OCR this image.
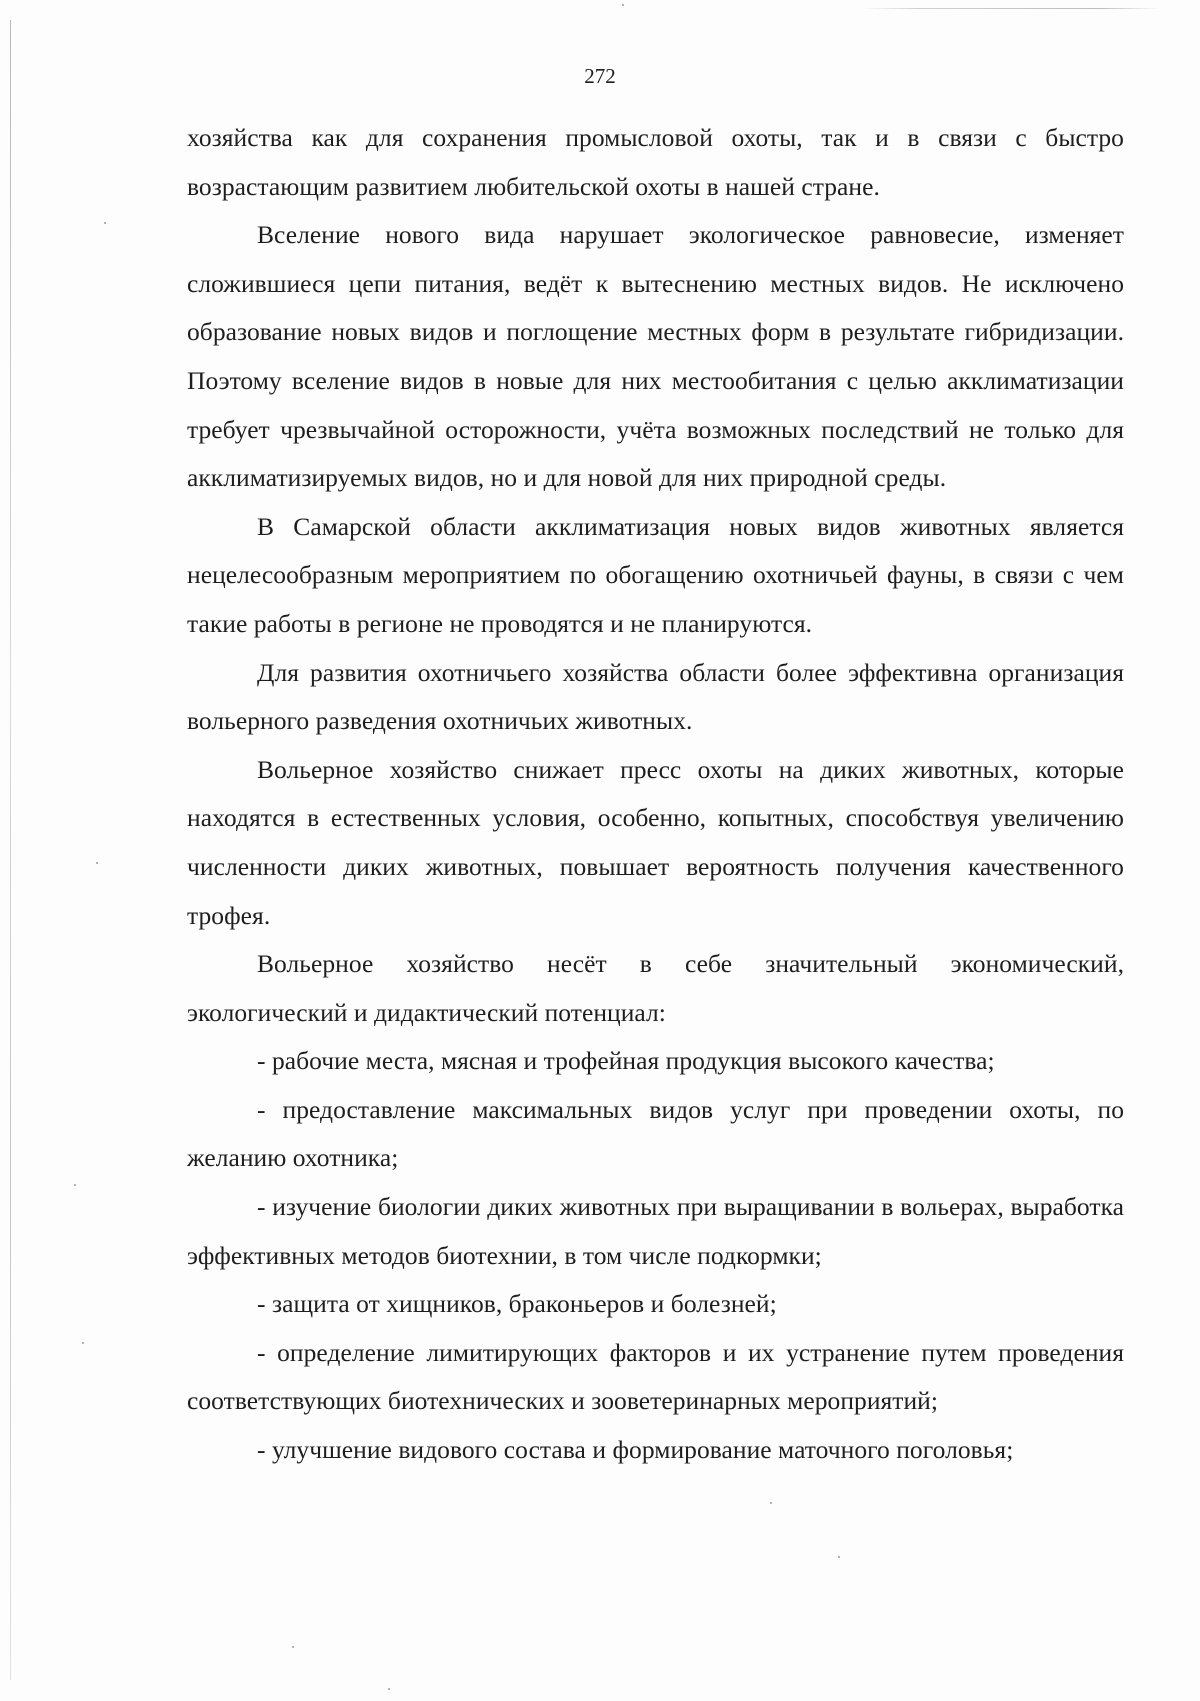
272

хозяйства как для сохранения промысловой охоты, так и в связи с быстро возрастающим развитием любительской охоты в нашей стране.

Вселение нового вида нарушает экологическое равновесие, изменяет сложившиеся цепи питания, ведёт к вытеснению местных видов. Не исключено образование новых видов и поглощение местных форм в результате гибридизации. Поэтому вселение видов в новые для них местообитания с целью акклиматизации требует чрезвычайной осторожности, учёта возможных последствий не только для акклиматизируемых видов, но и для новой для них природной среды.

В Самарской области акклиматизация новых видов животных является нецелесообразным мероприятием по обогащению охотничьей фауны, в связи с чем такие работы в регионе не проводятся и не планируются.

Для развития охотничьего хозяйства области более эффективна организация вольерного разведения охотничьих животных.

Вольерное хозяйство снижает пресс охоты на диких животных, которые находятся в естественных условия, особенно, копытных, способствуя увеличению численности диких животных, повышает вероятность получения качественного трофея.

Вольерное хозяйство несёт в себе значительный экономический, экологический и дидактический потенциал:

- рабочие места, мясная и трофейная продукция высокого качества;

- предоставление максимальных видов услуг при проведении охоты, по желанию охотника;

- изучение биологии диких животных при выращивании в вольерах, выработка эффективных методов биотехнии, в том числе подкормки;

- защита от хищников, браконьеров и болезней;

- определение лимитирующих факторов и их устранение путем проведения соответствующих биотехнических и зооветеринарных мероприятий;

- улучшение видового состава и формирование маточного поголовья;
